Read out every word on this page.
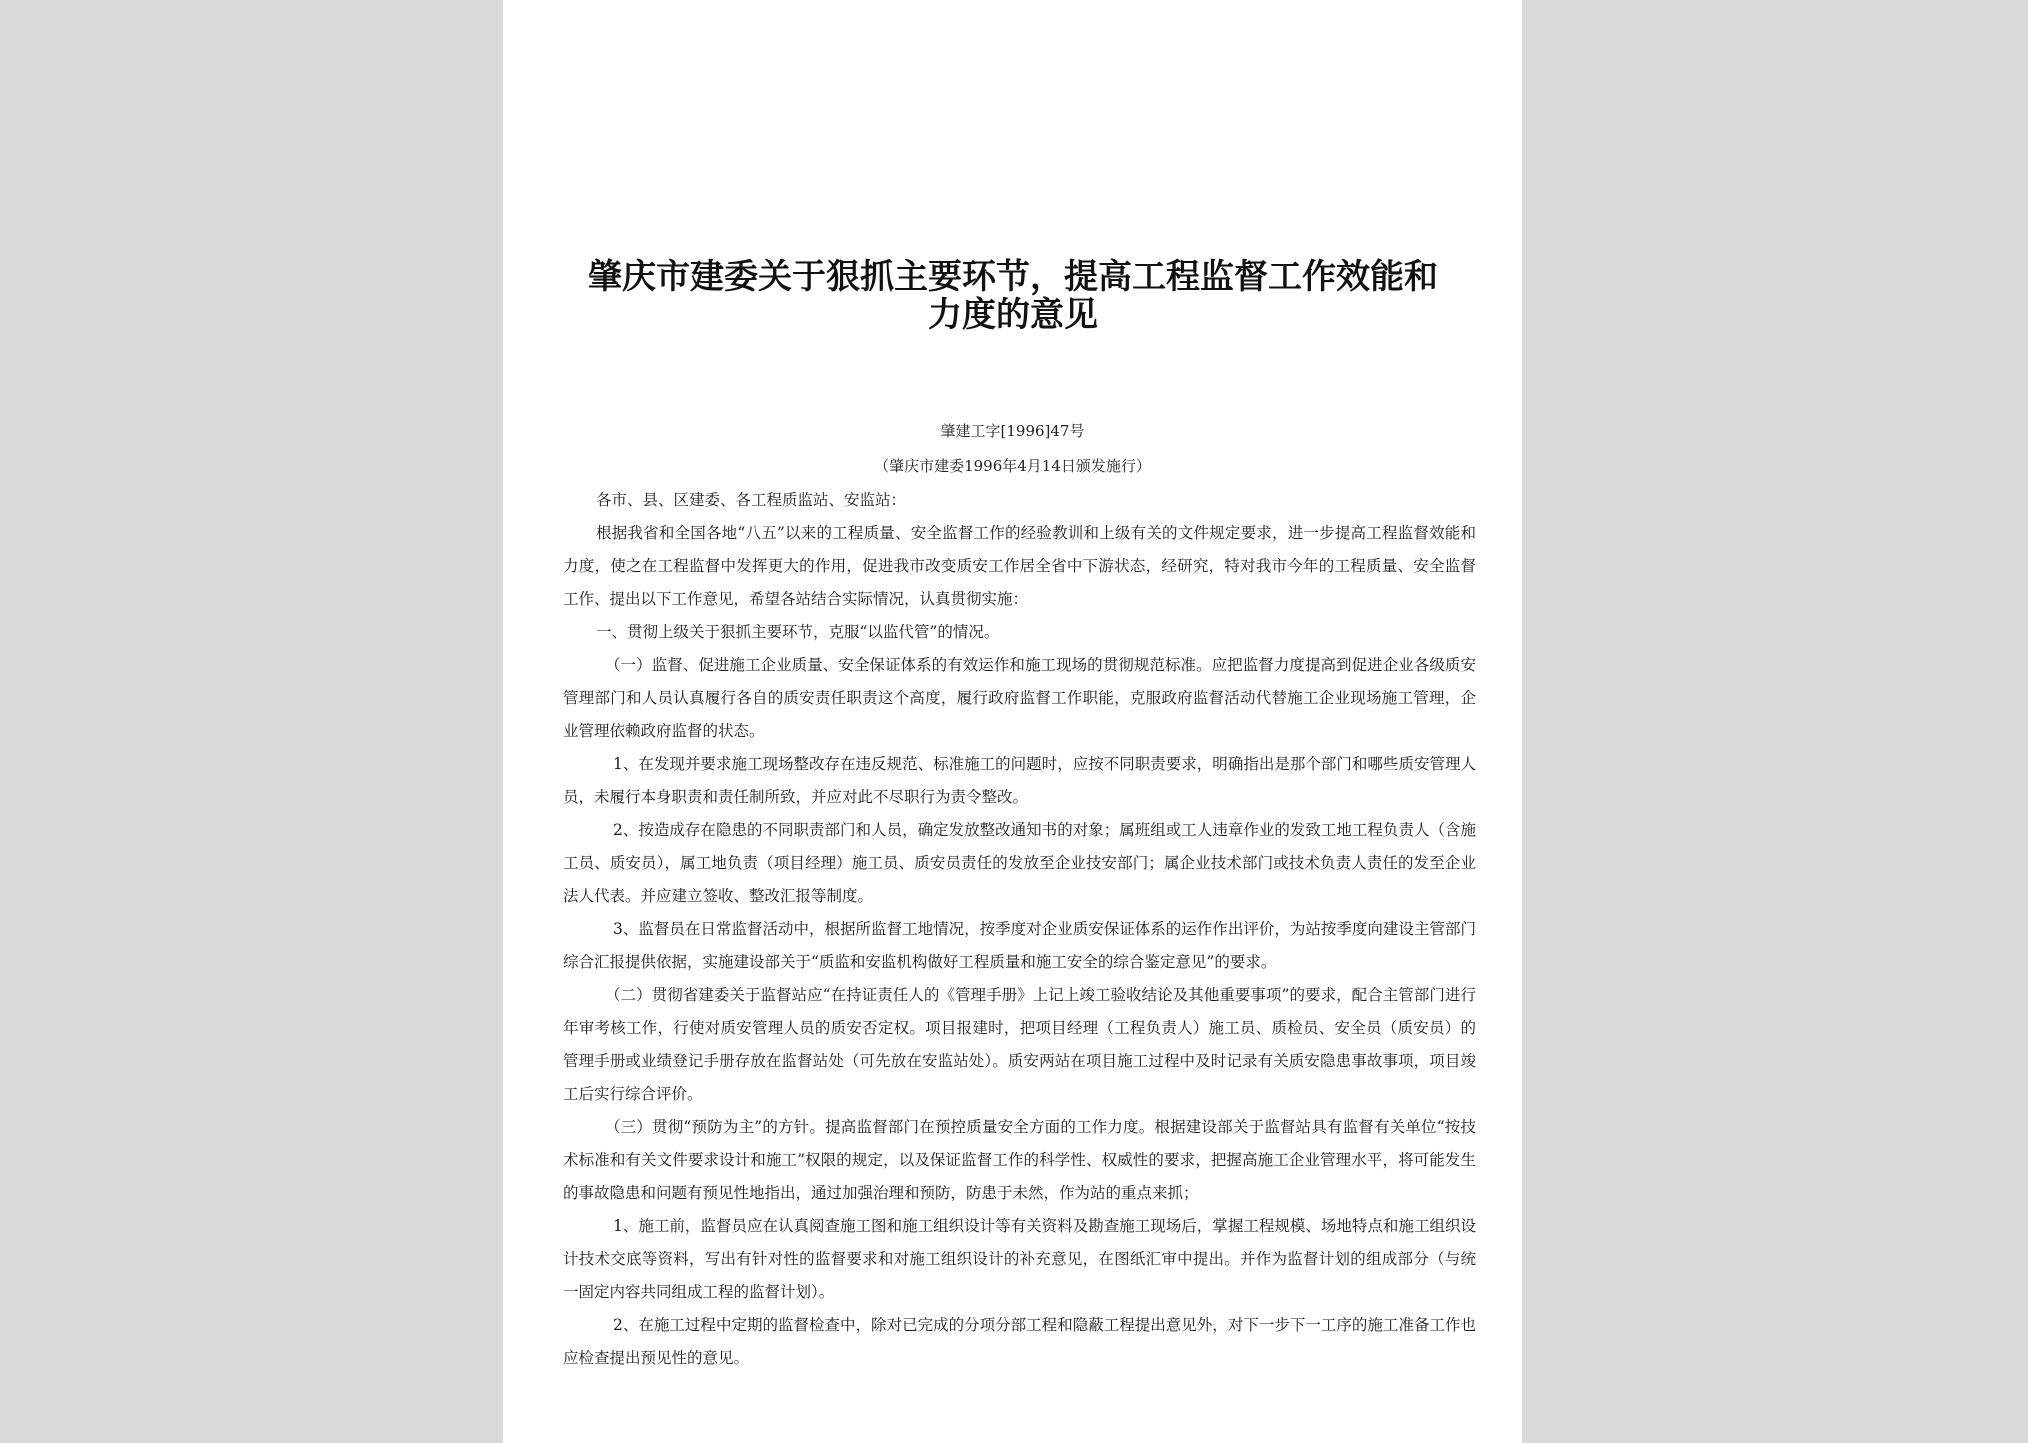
肇庆市建委关于狠抓主要环节，提高工程监督工作效能和力度的意见
肇建工字[1996]47号
（肇庆市建委1996年4月14日颁发施行）

各市、县、区建委、各工程质监站、安监站：

根据我省和全国各地“八五”以来的工程质量、安全监督工作的经验教训和上级有关的文件规定要求，进一步提高工程监督效能和力度，使之在工程监督中发挥更大的作用，促进我市改变质安工作居全省中下游状态，经研究，特对我市今年的工程质量、安全监督工作、提出以下工作意见，希望各站结合实际情况，认真贯彻实施：

一、贯彻上级关于狠抓主要环节，克服“以监代管”的情况。

（一）监督、促进施工企业质量、安全保证体系的有效运作和施工现场的贯彻规范标准。应把监督力度提高到促进企业各级质安管理部门和人员认真履行各自的质安责任职责这个高度，履行政府监督工作职能，克服政府监督活动代替施工企业现场施工管理，企业管理依赖政府监督的状态。

1、在发现并要求施工现场整改存在违反规范、标准施工的问题时，应按不同职责要求，明确指出是那个部门和哪些质安管理人员，未履行本身职责和责任制所致，并应对此不尽职行为责令整改。

2、按造成存在隐患的不同职责部门和人员，确定发放整改通知书的对象；属班组或工人违章作业的发致工地工程负责人（含施工员、质安员），属工地负责（项目经理）施工员、质安员责任的发放至企业技安部门；属企业技术部门或技术负责人责任的发至企业法人代表。并应建立签收、整改汇报等制度。

3、监督员在日常监督活动中，根据所监督工地情况，按季度对企业质安保证体系的运作作出评价，为站按季度向建设主管部门综合汇报提供依据，实施建设部关于“质监和安监机构做好工程质量和施工安全的综合鉴定意见”的要求。

（二）贯彻省建委关于监督站应“在持证责任人的《管理手册》上记上竣工验收结论及其他重要事项”的要求，配合主管部门进行年审考核工作，行使对质安管理人员的质安否定权。项目报建时，把项目经理（工程负责人）施工员、质检员、安全员（质安员）的管理手册或业绩登记手册存放在监督站处（可先放在安监站处）。质安两站在项目施工过程中及时记录有关质安隐患事故事项，项目竣工后实行综合评价。

（三）贯彻“预防为主”的方针。提高监督部门在预控质量安全方面的工作力度。根据建设部关于监督站具有监督有关单位“按技术标准和有关文件要求设计和施工”权限的规定，以及保证监督工作的科学性、权威性的要求，把握高施工企业管理水平，将可能发生的事故隐患和问题有预见性地指出，通过加强治理和预防，防患于未然，作为站的重点来抓；

1、施工前，监督员应在认真阅查施工图和施工组织设计等有关资料及勘查施工现场后，掌握工程规模、场地特点和施工组织设计技术交底等资料，写出有针对性的监督要求和对施工组织设计的补充意见，在图纸汇审中提出。并作为监督计划的组成部分（与统一固定内容共同组成工程的监督计划）。

2、在施工过程中定期的监督检查中，除对已完成的分项分部工程和隐蔽工程提出意见外，对下一步下一工序的施工准备工作也应检查提出预见性的意见。
